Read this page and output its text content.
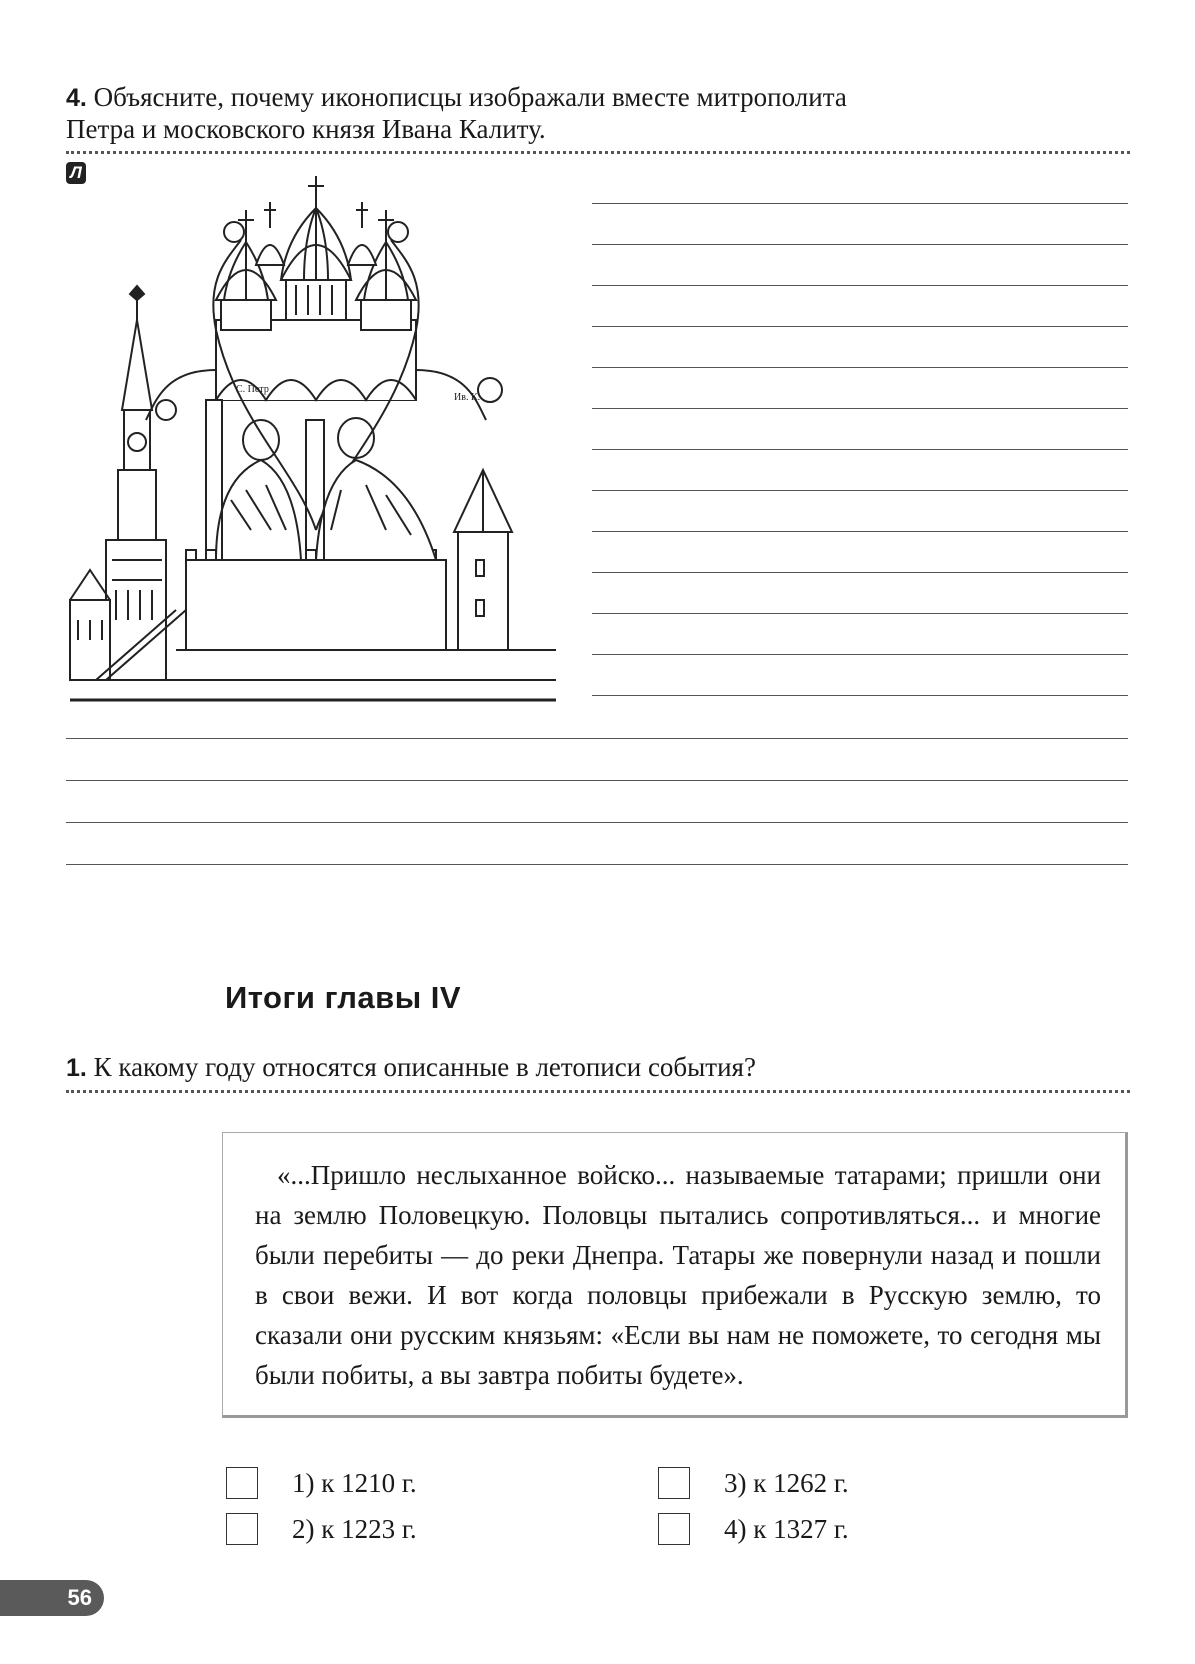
4. Объясните, почему иконописцы изображали вместе митрополита
Петра и московского князя Ивана Калиту.
Л
С. Петр
Ив. К.
Итоги главы IV
1. К какому году относятся описанные в летописи события?
«...Пришло неслыханное войско... называемые татарами; пришли они на землю Половецкую. Половцы пытались сопротивляться... и многие были перебиты — до реки Днепра. Татары же повернули назад и пошли в свои вежи. И вот когда половцы прибежали в Русскую землю, то сказали они русским князьям: «Если вы нам не поможете, то сегодня мы были побиты, а вы завтра побиты будете».
1) к 1210 г.
2) к 1223 г.
3) к 1262 г.
4) к 1327 г.
56
